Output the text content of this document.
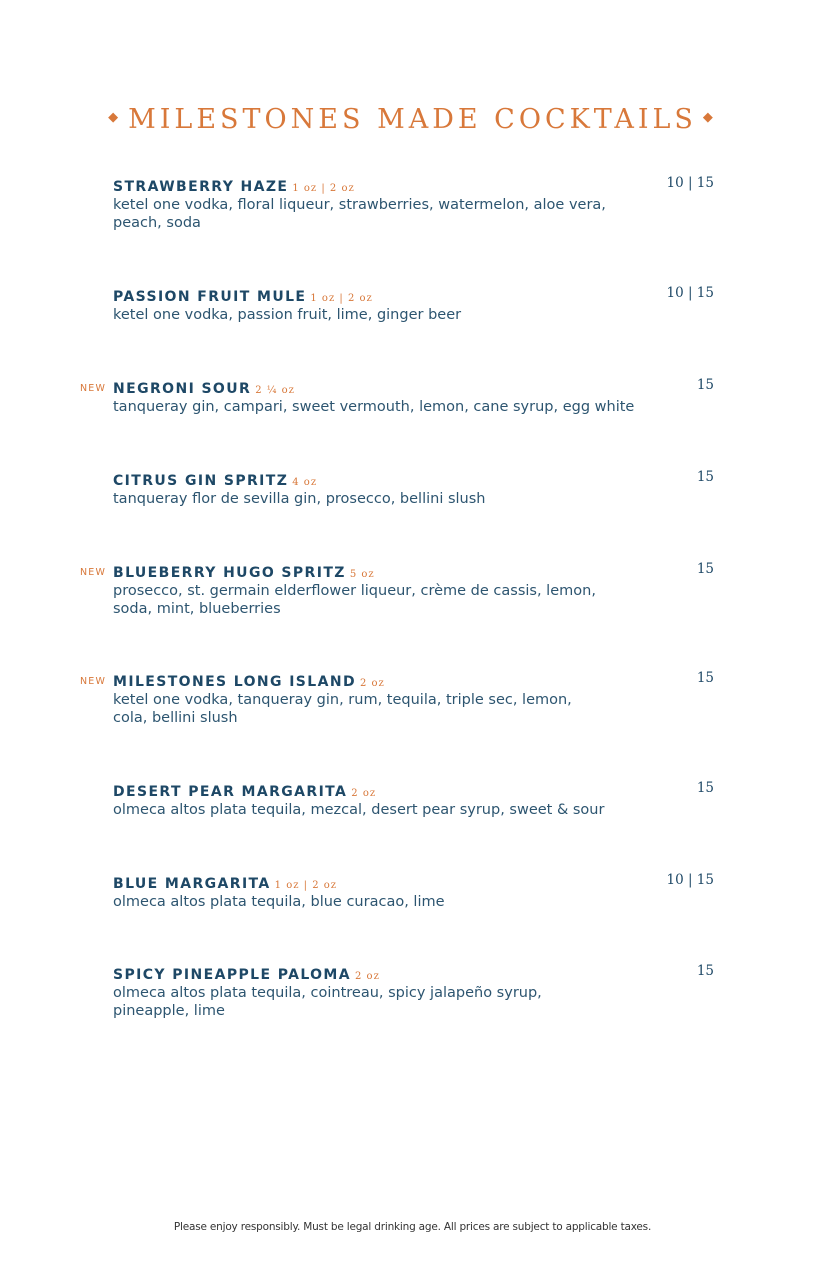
◆ MILESTONES MADE COCKTAILS ◆
STRAWBERRY HAZE 1 oz | 2 oz	10 | 15
ketel one vodka, floral liqueur, strawberries, watermelon, aloe vera, peach, soda
PASSION FRUIT MULE 1 oz | 2 oz	10 | 15
ketel one vodka, passion fruit, lime, ginger beer
NEW NEGRONI SOUR 2 ¼ oz	15
tanqueray gin, campari, sweet vermouth, lemon, cane syrup, egg white
CITRUS GIN SPRITZ 4 oz	15
tanqueray flor de sevilla gin, prosecco, bellini slush
NEW BLUEBERRY HUGO SPRITZ 5 oz	15
prosecco, st. germain elderflower liqueur, crème de cassis, lemon, soda, mint, blueberries
NEW MILESTONES LONG ISLAND 2 oz	15
ketel one vodka, tanqueray gin, rum, tequila, triple sec, lemon, cola, bellini slush
DESERT PEAR MARGARITA 2 oz	15
olmeca altos plata tequila, mezcal, desert pear syrup, sweet & sour
BLUE MARGARITA 1 oz | 2 oz	10 | 15
olmeca altos plata tequila, blue curacao, lime
SPICY PINEAPPLE PALOMA 2 oz	15
olmeca altos plata tequila, cointreau, spicy jalapeño syrup, pineapple, lime
Please enjoy responsibly. Must be legal drinking age. All prices are subject to applicable taxes.
